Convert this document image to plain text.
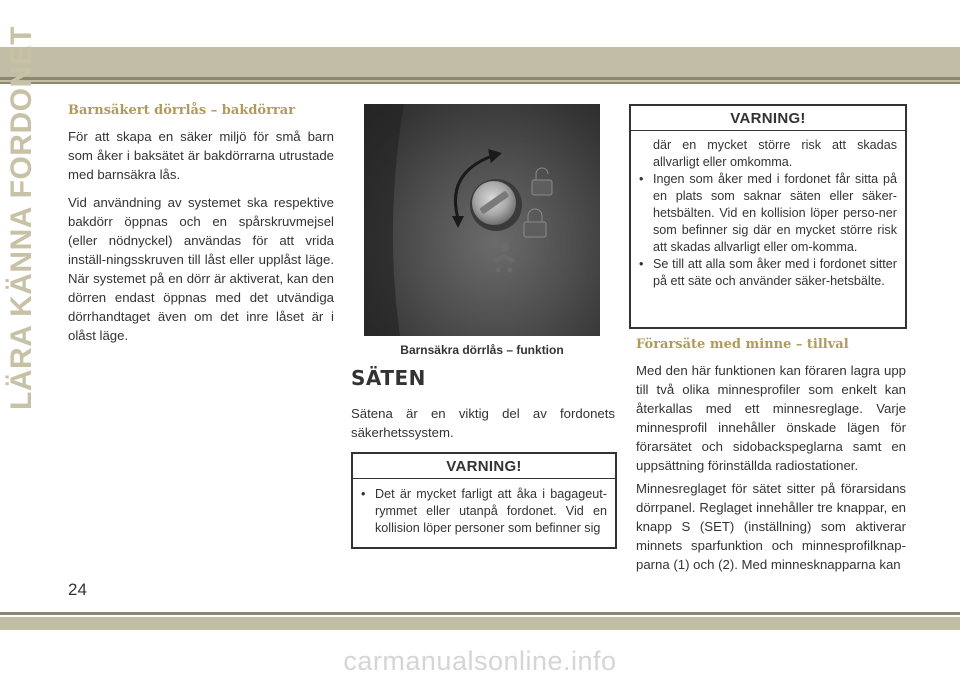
LÄRA KÄNNA FORDONET Barnsäkert dörrlås – bakdörrar

För att skapa en säker miljö för små barn som åker i baksätet är bakdörrarna utrustade med barnsäkra lås.

Vid användning av systemet ska respektive bakdörr öppnas och en spårskruvmejsel (eller nödnyckel) användas för att vrida inställ-ningsskruven till låst eller upplåst läge. När systemet på en dörr är aktiverat, kan den dörren endast öppnas med det utvändiga dörrhandtaget även om det inre låset är i olåst läge.

Barnsäkra dörrlås – funktion
SÄTEN

Sätena är en viktig del av fordonets säkerhetssystem.

VARNING!
• Det är mycket farligt att åka i bagageut-rymmet eller utanpå fordonet. Vid en kollision löper personer som befinner sig
VARNING!
där en mycket större risk att skadas allvarligt eller omkomma.
• Ingen som åker med i fordonet får sitta på en plats som saknar säten eller säker-hetsbälten. Vid en kollision löper perso-ner som befinner sig där en mycket större risk att skadas allvarligt eller om-komma.
• Se till att alla som åker med i fordonet sitter på ett säte och använder säker-hetsbälte.
Förarsäte med minne – tillval

Med den här funktionen kan föraren lagra upp till två olika minnesprofiler som enkelt kan återkallas med ett minnesreglage. Varje minnesprofil innehåller önskade lägen för förarsätet och sidobackspeglarna samt en uppsättning förinställda radiostationer.

Minnesreglaget för sätet sitter på förarsidans dörrpanel. Reglaget innehåller tre knappar, en knapp S (SET) (inställning) som aktiverar minnets sparfunktion och minnesprofilknap-parna (1) och (2). Med minnesknapparna kan

24
carmanualsonline.info
